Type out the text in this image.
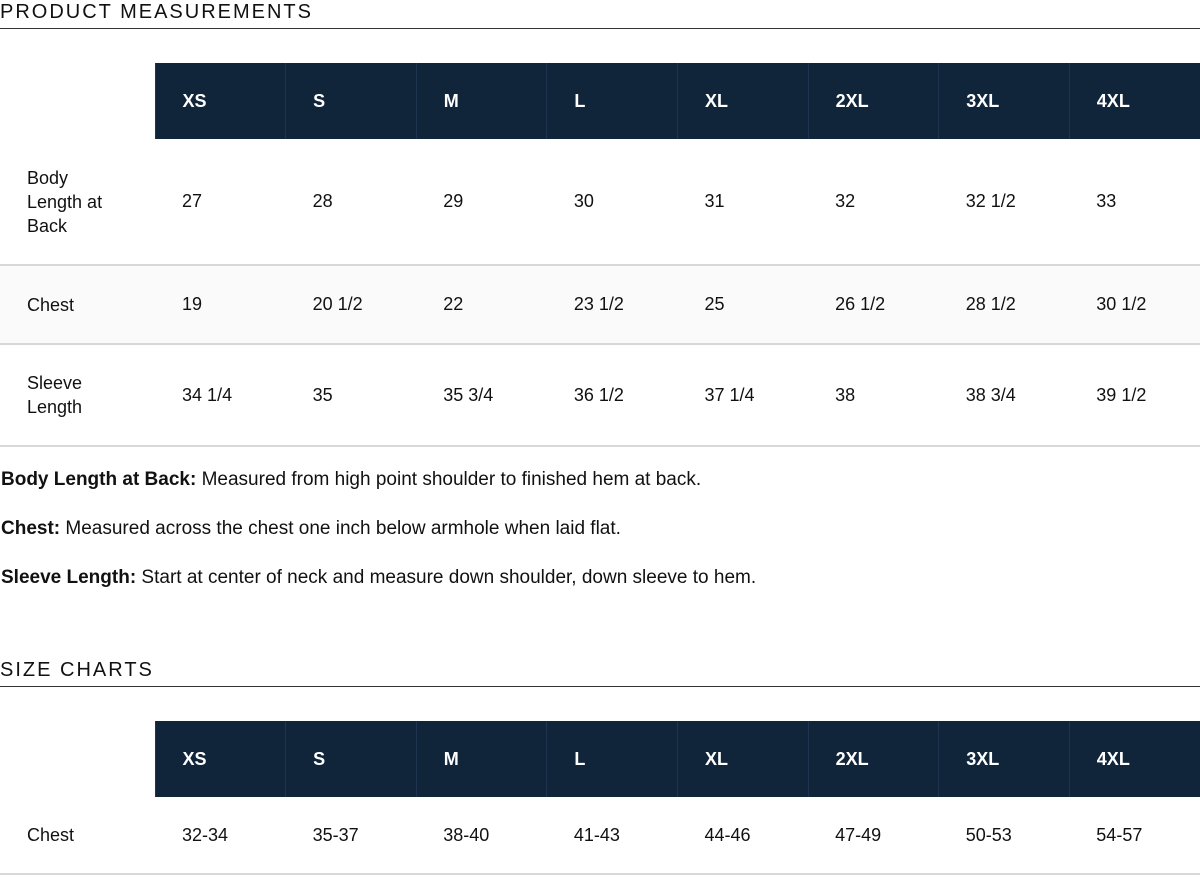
PRODUCT MEASUREMENTS
	XS	S	M	L	XL	2XL	3XL	4XL

Body Length at Back	27	28	29	30	31	32	32 1/2	33
Chest	19	20 1/2	22	23 1/2	25	26 1/2	28 1/2	30 1/2

Sleeve Length	34 1/4	35	35 3/4	36 1/2	37 1/4	38	38 3/4	39 1/2

Body Length at Back: Measured from high point shoulder to finished hem at back.

Chest: Measured across the chest one inch below armhole when laid flat.

Sleeve Length: Start at center of neck and measure down shoulder, down sleeve to hem.

SIZE CHARTS
	XS	S	M	L	XL	2XL	3XL	4XL
Chest	32-34	35-37	38-40	41-43	44-46	47-49	50-53	54-57
